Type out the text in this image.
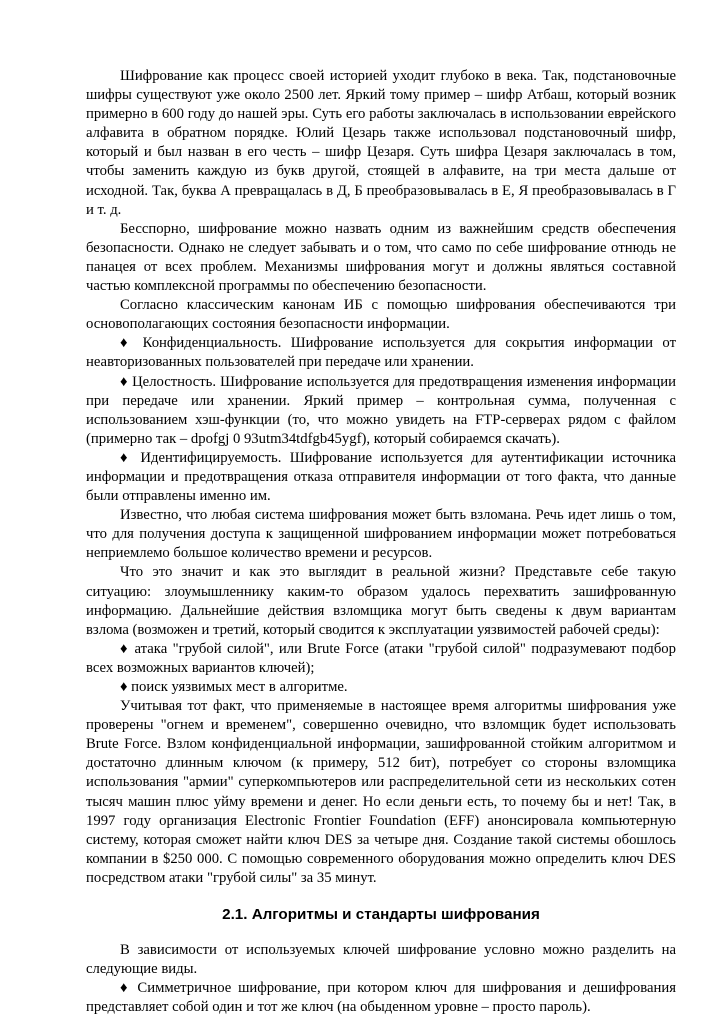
Шифрование как процесс своей историей уходит глубоко в века. Так, подстановочные шифры существуют уже около 2500 лет. Яркий тому пример – шифр Атбаш, который возник примерно в 600 году до нашей эры. Суть его работы заключалась в использовании еврейского алфавита в обратном порядке. Юлий Цезарь также использовал подстановочный шифр, который и был назван в его честь – шифр Цезаря. Суть шифра Цезаря заключалась в том, чтобы заменить каждую из букв другой, стоящей в алфавите, на три места дальше от исходной. Так, буква А превращалась в Д, Б преобразовывалась в Е, Я преобразовывалась в Г и т. д.

Бесспорно, шифрование можно назвать одним из важнейшим средств обеспечения безопасности. Однако не следует забывать и о том, что само по себе шифрование отнюдь не панацея от всех проблем. Механизмы шифрования могут и должны являться составной частью комплексной программы по обеспечению безопасности.

Согласно классическим канонам ИБ с помощью шифрования обеспечиваются три основополагающих состояния безопасности информации.

♦ Конфиденциальность. Шифрование используется для сокрытия информации от неавторизованных пользователей при передаче или хранении.

♦ Целостность. Шифрование используется для предотвращения изменения информации при передаче или хранении. Яркий пример – контрольная сумма, полученная с использованием хэш-функции (то, что можно увидеть на FTP-серверах рядом с файлом (примерно так – dpofgj 0 93utm34tdfgb45ygf), который собираемся скачать).

♦ Идентифицируемость. Шифрование используется для аутентификации источника информации и предотвращения отказа отправителя информации от того факта, что данные были отправлены именно им.

Известно, что любая система шифрования может быть взломана. Речь идет лишь о том, что для получения доступа к защищенной шифрованием информации может потребоваться неприемлемо большое количество времени и ресурсов.

Что это значит и как это выглядит в реальной жизни? Представьте себе такую ситуацию: злоумышленнику каким-то образом удалось перехватить зашифрованную информацию. Дальнейшие действия взломщика могут быть сведены к двум вариантам взлома (возможен и третий, который сводится к эксплуатации уязвимостей рабочей среды):

♦ атака "грубой силой", или Brute Force (атаки "грубой силой" подразумевают подбор всех возможных вариантов ключей);

♦ поиск уязвимых мест в алгоритме.

Учитывая тот факт, что применяемые в настоящее время алгоритмы шифрования уже проверены "огнем и временем", совершенно очевидно, что взломщик будет использовать Brute Force. Взлом конфиденциальной информации, зашифрованной стойким алгоритмом и достаточно длинным ключом (к примеру, 512 бит), потребует со стороны взломщика использования "армии" суперкомпьютеров или распределительной сети из нескольких сотен тысяч машин плюс уйму времени и денег. Но если деньги есть, то почему бы и нет! Так, в 1997 году организация Electronic Frontier Foundation (EFF) анонсировала компьютерную систему, которая сможет найти ключ DES за четыре дня. Создание такой системы обошлось компании в $250 000. С помощью современного оборудования можно определить ключ DES посредством атаки "грубой силы" за 35 минут.

2.1. Алгоритмы и стандарты шифрования

В зависимости от используемых ключей шифрование условно можно разделить на следующие виды.

♦ Симметричное шифрование, при котором ключ для шифрования и дешифрования представляет собой один и тот же ключ (на обыденном уровне – просто пароль).
